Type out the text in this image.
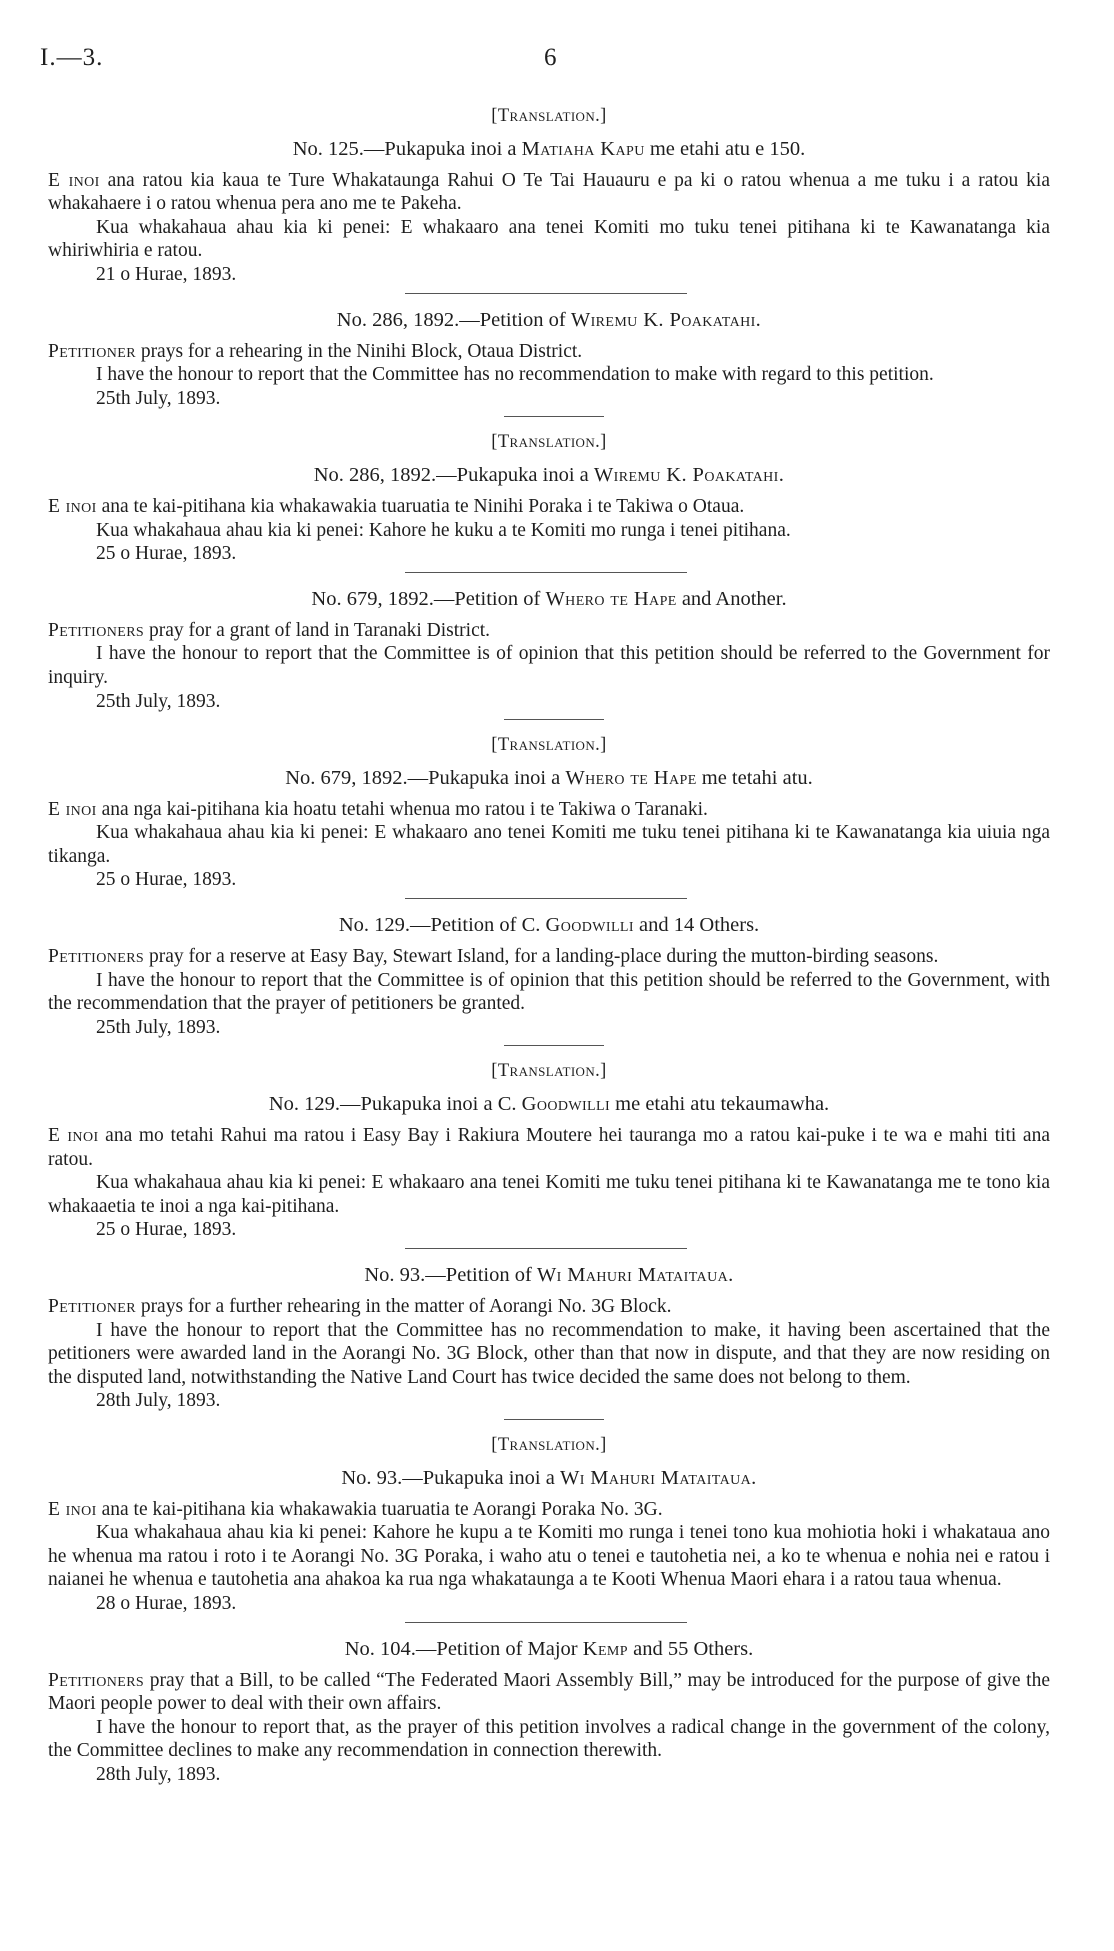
I.—3.	6
[Translation.]
No. 125.—Pukapuka inoi a Matiaha Kapu me etahi atu e 150.

E inoi ana ratou kia kaua te Ture Whakataunga Rahui O Te Tai Hauauru e pa ki o ratou whenua a me tuku i a ratou kia whakahaere i o ratou whenua pera ano me te Pakeha.

Kua whakahaua ahau kia ki penei: E whakaaro ana tenei Komiti mo tuku tenei pitihana ki te Kawanatanga kia whiriwhiria e ratou.

21 o Hurae, 1893.
No. 286, 1892.—Petition of Wiremu K. Poakatahi.

Petitioner prays for a rehearing in the Ninihi Block, Otaua District.

I have the honour to report that the Committee has no recommendation to make with regard to this petition.

25th July, 1893.
[Translation.]
No. 286, 1892.—Pukapuka inoi a Wiremu K. Poakatahi.

E inoi ana te kai-pitihana kia whakawakia tuaruatia te Ninihi Poraka i te Takiwa o Otaua.

Kua whakahaua ahau kia ki penei: Kahore he kuku a te Komiti mo runga i tenei pitihana.

25 o Hurae, 1893.
No. 679, 1892.—Petition of Whero te Hape and Another.

Petitioners pray for a grant of land in Taranaki District.

I have the honour to report that the Committee is of opinion that this petition should be referred to the Government for inquiry.

25th July, 1893.
[Translation.]
No. 679, 1892.—Pukapuka inoi a Whero te Hape me tetahi atu.

E inoi ana nga kai-pitihana kia hoatu tetahi whenua mo ratou i te Takiwa o Taranaki.

Kua whakahaua ahau kia ki penei: E whakaaro ano tenei Komiti me tuku tenei pitihana ki te Kawanatanga kia uiuia nga tikanga.

25 o Hurae, 1893.
No. 129.—Petition of C. Goodwilli and 14 Others.

Petitioners pray for a reserve at Easy Bay, Stewart Island, for a landing-place during the mutton-birding seasons.

I have the honour to report that the Committee is of opinion that this petition should be referred to the Government, with the recommendation that the prayer of petitioners be granted.

25th July, 1893.
[Translation.]
No. 129.—Pukapuka inoi a C. Goodwilli me etahi atu tekaumawha.

E inoi ana mo tetahi Rahui ma ratou i Easy Bay i Rakiura Moutere hei tauranga mo a ratou kai-puke i te wa e mahi titi ana ratou.

Kua whakahaua ahau kia ki penei: E whakaaro ana tenei Komiti me tuku tenei pitihana ki te Kawanatanga me te tono kia whakaaetia te inoi a nga kai-pitihana.

25 o Hurae, 1893.
No. 93.—Petition of Wi Mahuri Mataitaua.

Petitioner prays for a further rehearing in the matter of Aorangi No. 3G Block.

I have the honour to report that the Committee has no recommendation to make, it having been ascertained that the petitioners were awarded land in the Aorangi No. 3G Block, other than that now in dispute, and that they are now residing on the disputed land, notwithstanding the Native Land Court has twice decided the same does not belong to them.

28th July, 1893.
[Translation.]
No. 93.—Pukapuka inoi a Wi Mahuri Mataitaua.

E inoi ana te kai-pitihana kia whakawakia tuaruatia te Aorangi Poraka No. 3G.

Kua whakahaua ahau kia ki penei: Kahore he kupu a te Komiti mo runga i tenei tono kua mohiotia hoki i whakataua ano he whenua ma ratou i roto i te Aorangi No. 3G Poraka, i waho atu o tenei e tautohetia nei, a ko te whenua e nohia nei e ratou i naianei he whenua e tautohetia ana ahakoa ka rua nga whakataunga a te Kooti Whenua Maori ehara i a ratou taua whenua.

28 o Hurae, 1893.
No. 104.—Petition of Major Kemp and 55 Others.

Petitioners pray that a Bill, to be called “The Federated Maori Assembly Bill,” may be introduced for the purpose of give the Maori people power to deal with their own affairs.

I have the honour to report that, as the prayer of this petition involves a radical change in the government of the colony, the Committee declines to make any recommendation in connection therewith.

28th July, 1893.
